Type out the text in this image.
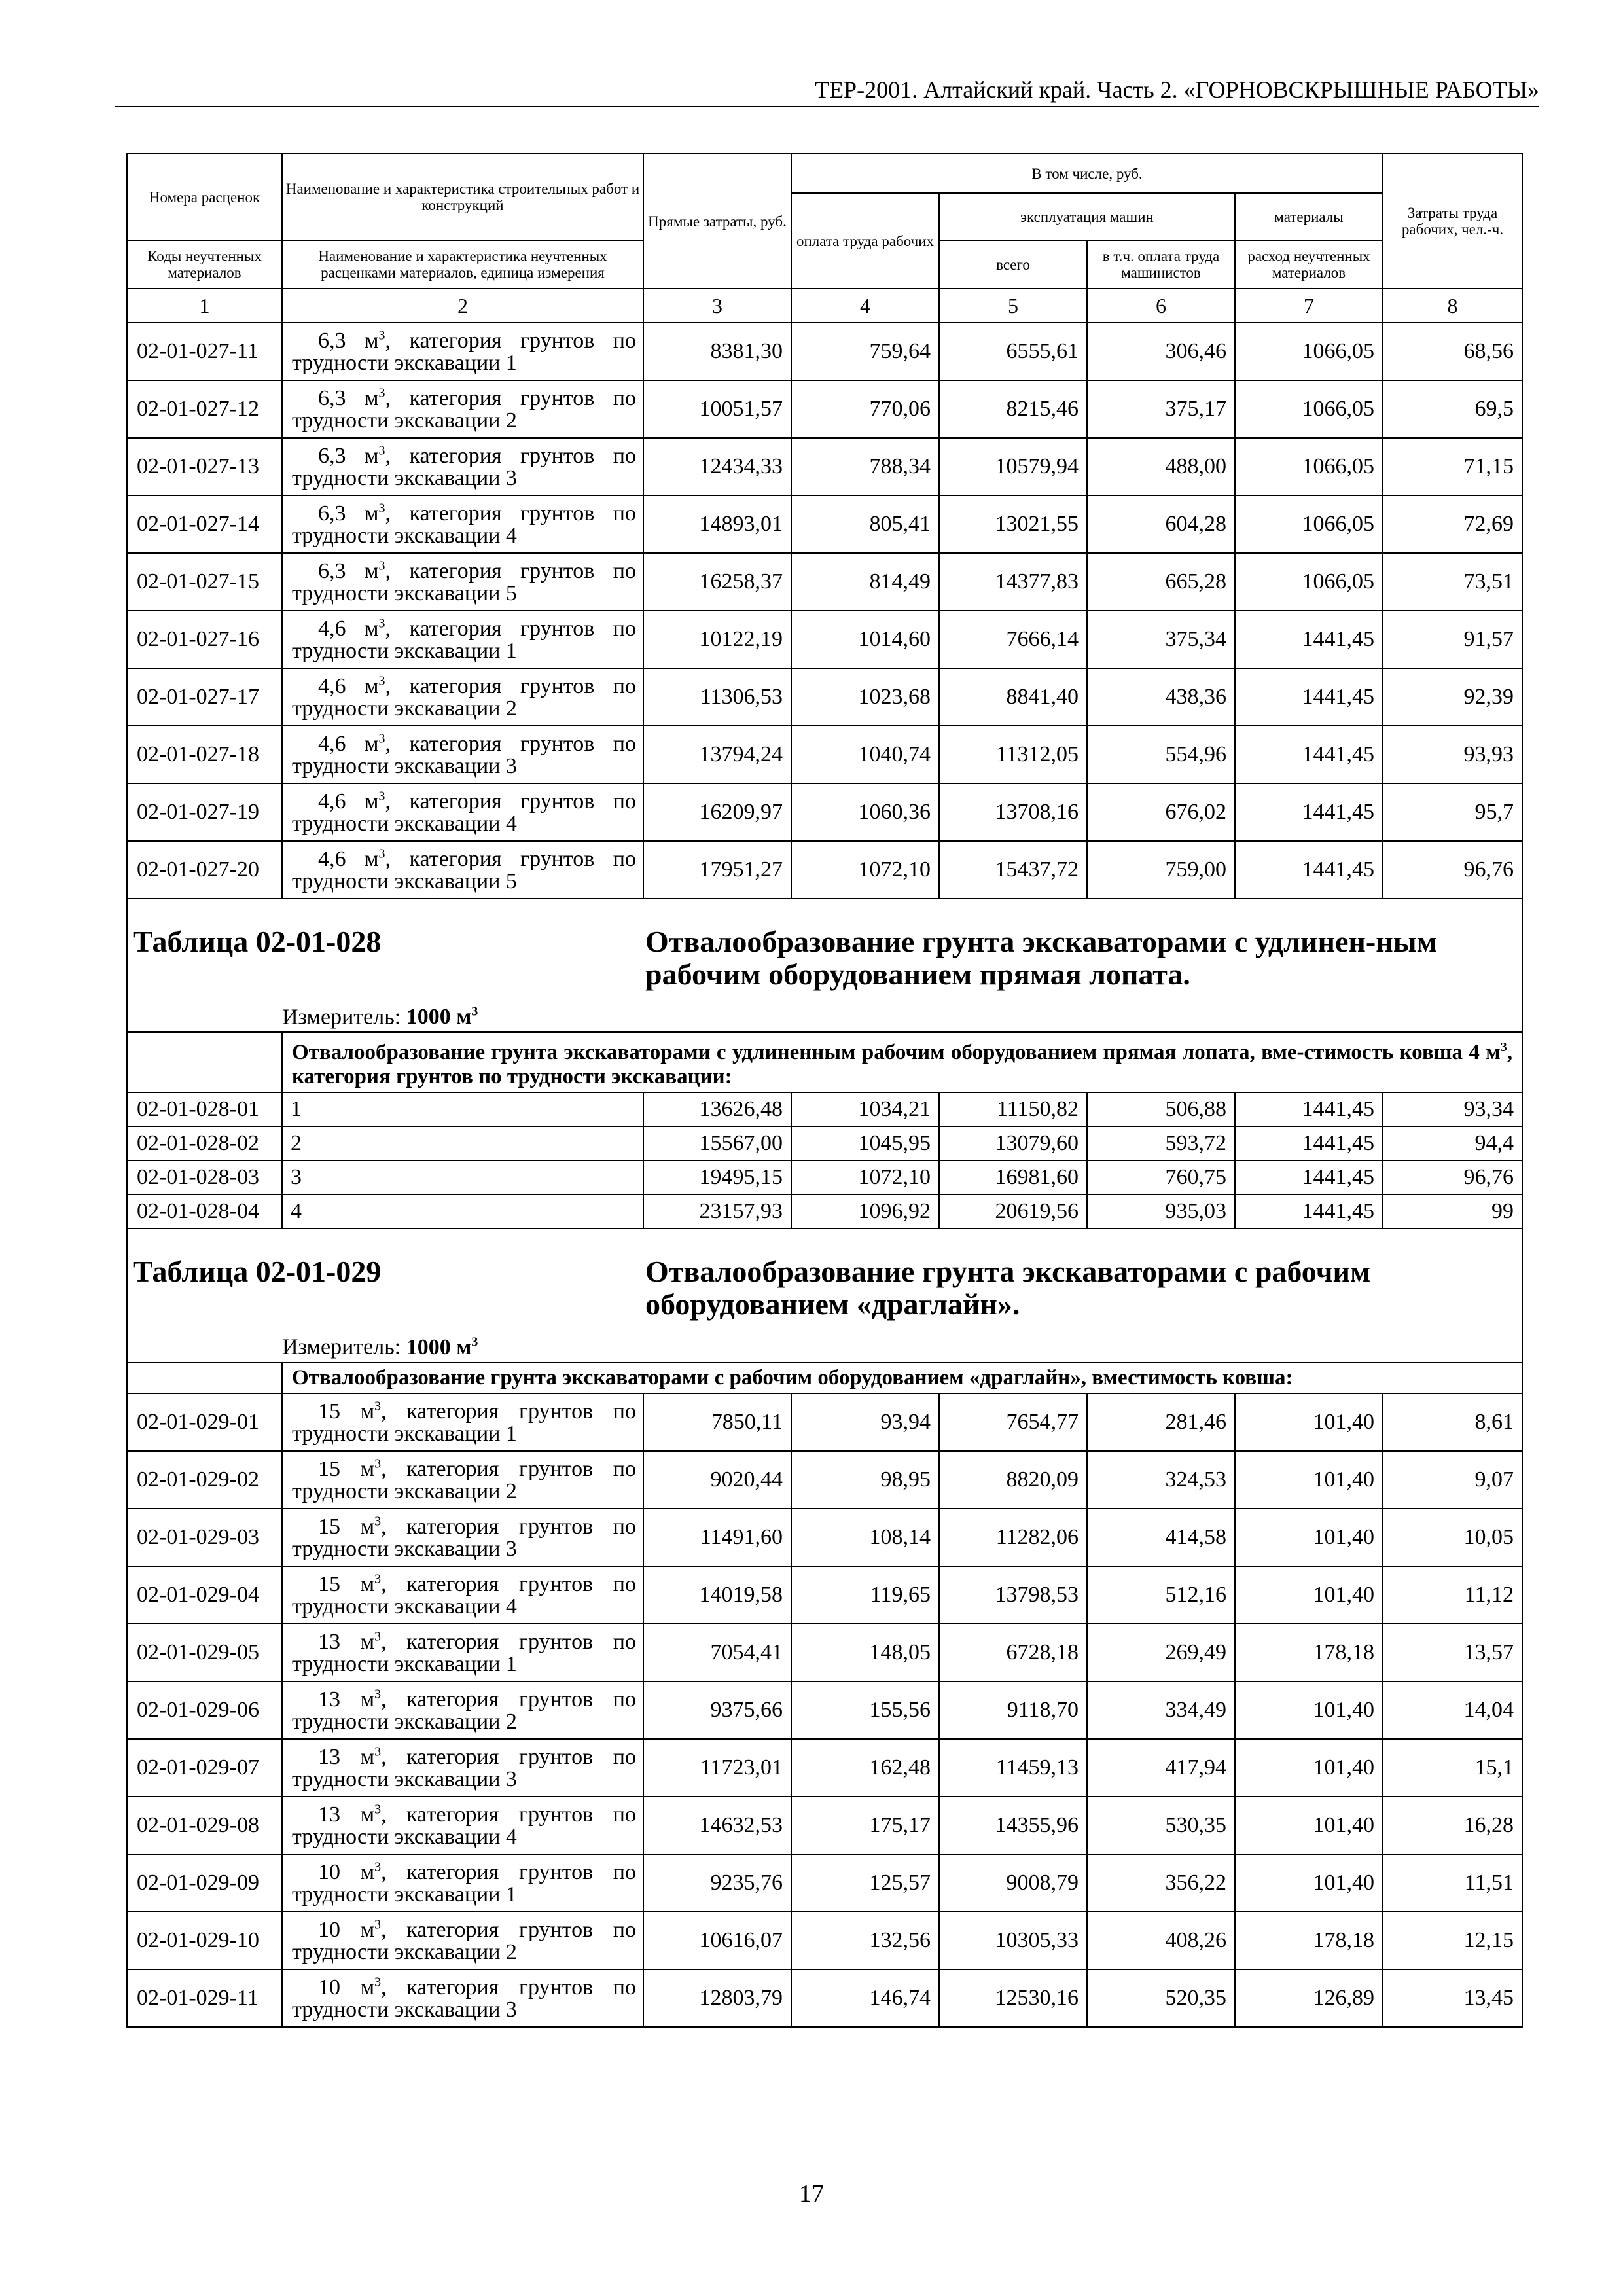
ТЕР-2001. Алтайский край. Часть 2. «ГОРНОВСКРЫШНЫЕ РАБОТЫ»
Номера расценок	Наименование и характеристика строительных работ и конструкций	Прямые затраты, руб.	В том числе, руб.				Затраты труда рабочих, чел.-ч.
			оплата труда рабочих	эксплуатация машин		материалы	
Коды неучтенных материалов	Наименование и характеристика неучтенных расценками материалов, единица измерения			всего	в т.ч. оплата труда машинистов	расход неучтенных материалов	

1	2	3	4	5	6	7	8
02-01-027-11	6,3 $м^3$, категория грунтов по
трудности экскавации 1	8381,30	759,64	6555,61	306,46	1066,05	68,56
02-01-027-12	6,3 $м^3$, категория грунтов по
трудности экскавации 2	10051,57	770,06	8215,46	375,17	1066,05	69,5
02-01-027-13	6,3 $м^3$, категория грунтов по
трудности экскавации 3	12434,33	788,34	10579,94	488,00	1066,05	71,15
02-01-027-14	6,3 $м^3$, категория грунтов по
трудности экскавации 4	14893,01	805,41	13021,55	604,28	1066,05	72,69
02-01-027-15	6,3 $м^3$, категория грунтов по
трудности экскавации 5	16258,37	814,49	14377,83	665,28	1066,05	73,51
02-01-027-16	4,6 $м^3$, категория грунтов по
трудности экскавации 1	10122,19	1014,60	7666,14	375,34	1441,45	91,57
02-01-027-17	4,6 $м^3$, категория грунтов по
трудности экскавации 2	11306,53	1023,68	8841,40	438,36	1441,45	92,39
02-01-027-18	4,6 $м^3$, категория грунтов по
трудности экскавации 3	13794,24	1040,74	11312,05	554,96	1441,45	93,93
02-01-027-19	4,6 $м^3$, категория грунтов по
трудности экскавации 4	16209,97	1060,36	13708,16	676,02	1441,45	95,7
02-01-027-20	4,6 $м^3$, категория грунтов по
трудности экскавации 5	17951,27	1072,10	15437,72	759,00	1441,45	96,76

Таблица 02-01-028 Отвалообразование грунта экскаваторами с удлинен-ным рабочим оборудованием прямая лопата.
Измеритель: 1000 $м^3$

	Отвалообразование грунта экскаваторами с удлиненным рабочим оборудованием прямая лопата, вме-стимость ковша 4 $м^3$, категория грунтов по трудности экскавации:						
02-01-028-01	1	13626,48	1034,21	11150,82	506,88	1441,45	93,34
02-01-028-02	2	15567,00	1045,95	13079,60	593,72	1441,45	94,4
02-01-028-03	3	19495,15	1072,10	16981,60	760,75	1441,45	96,76
02-01-028-04	4	23157,93	1096,92	20619,56	935,03	1441,45	99

Таблица 02-01-029 Отвалообразование грунта экскаваторами с рабочим оборудованием «драглайн».
Измеритель: 1000 $м^3$

	Отвалообразование грунта экскаваторами с рабочим оборудованием «драглайн», вместимость ковша:						
02-01-029-01	15 $м^3$, категория грунтов по
трудности экскавации 1	7850,11	93,94	7654,77	281,46	101,40	8,61
02-01-029-02	15 $м^3$, категория грунтов по
трудности экскавации 2	9020,44	98,95	8820,09	324,53	101,40	9,07
02-01-029-03	15 $м^3$, категория грунтов по
трудности экскавации 3	11491,60	108,14	11282,06	414,58	101,40	10,05
02-01-029-04	15 $м^3$, категория грунтов по
трудности экскавации 4	14019,58	119,65	13798,53	512,16	101,40	11,12
02-01-029-05	13 $м^3$, категория грунтов по
трудности экскавации 1	7054,41	148,05	6728,18	269,49	178,18	13,57
02-01-029-06	13 $м^3$, категория грунтов по
трудности экскавации 2	9375,66	155,56	9118,70	334,49	101,40	14,04
02-01-029-07	13 $м^3$, категория грунтов по
трудности экскавации 3	11723,01	162,48	11459,13	417,94	101,40	15,1
02-01-029-08	13 $м^3$, категория грунтов по
трудности экскавации 4	14632,53	175,17	14355,96	530,35	101,40	16,28
02-01-029-09	10 $м^3$, категория грунтов по
трудности экскавации 1	9235,76	125,57	9008,79	356,22	101,40	11,51
02-01-029-10	10 $м^3$, категория грунтов по
трудности экскавации 2	10616,07	132,56	10305,33	408,26	178,18	12,15
02-01-029-11	10 $м^3$, категория грунтов по
трудности экскавации 3	12803,79	146,74	12530,16	520,35	126,89	13,45
17
